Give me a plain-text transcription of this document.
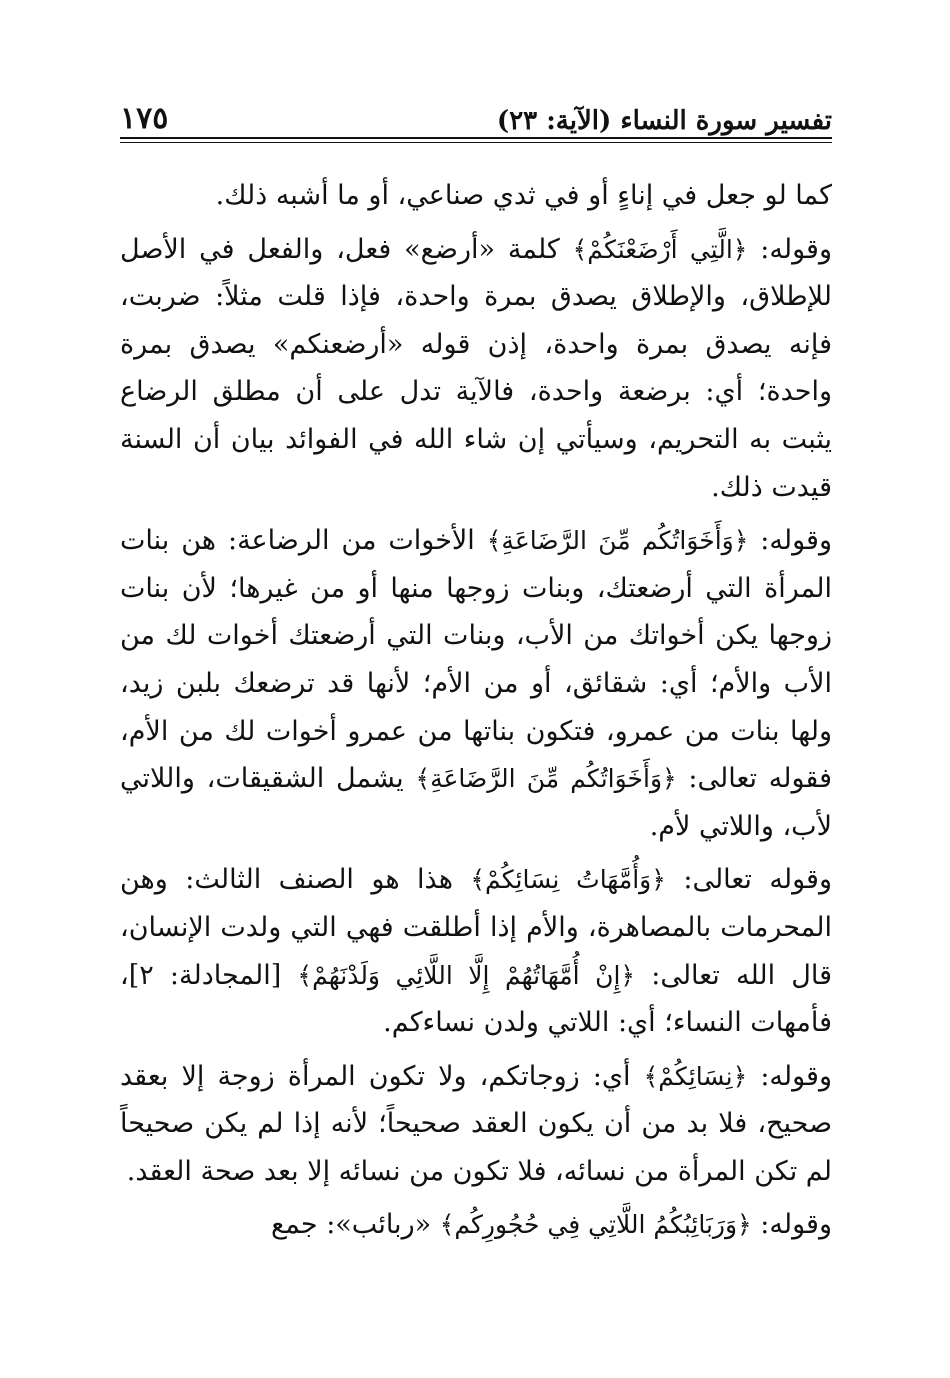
تفسير سورة النساء (الآية: ٢٣)
١٧٥

كما لو جعل في إناءٍ أو في ثدي صناعي، أو ما أشبه ذلك.

وقوله: ﴿الَّتِي أَرْضَعْنَكُمْ﴾ كلمة «أرضع» فعل، والفعل في الأصل للإطلاق، والإطلاق يصدق بمرة واحدة، فإذا قلت مثلاً: ضربت، فإنه يصدق بمرة واحدة، إذن قوله «أرضعنكم» يصدق بمرة واحدة؛ أي: برضعة واحدة، فالآية تدل على أن مطلق الرضاع يثبت به التحريم، وسيأتي إن شاء الله في الفوائد بيان أن السنة قيدت ذلك.

وقوله: ﴿وَأَخَوَاتُكُم مِّنَ الرَّضَاعَةِ﴾ الأخوات من الرضاعة: هن بنات المرأة التي أرضعتك، وبنات زوجها منها أو من غيرها؛ لأن بنات زوجها يكن أخواتك من الأب، وبنات التي أرضعتك أخوات لك من الأب والأم؛ أي: شقائق، أو من الأم؛ لأنها قد ترضعك بلبن زيد، ولها بنات من عمرو، فتكون بناتها من عمرو أخوات لك من الأم، فقوله تعالى: ﴿وَأَخَوَاتُكُم مِّنَ الرَّضَاعَةِ﴾ يشمل الشقيقات، واللاتي لأب، واللاتي لأم.

وقوله تعالى: ﴿وَأُمَّهَاتُ نِسَائِكُمْ﴾ هذا هو الصنف الثالث: وهن المحرمات بالمصاهرة، والأم إذا أطلقت فهي التي ولدت الإنسان، قال الله تعالى: ﴿إِنْ أُمَّهَاتُهُمْ إِلَّا اللَّائِي وَلَدْنَهُمْ﴾ [المجادلة: ٢]، فأمهات النساء؛ أي: اللاتي ولدن نساءكم.

وقوله: ﴿نِسَائِكُمْ﴾ أي: زوجاتكم، ولا تكون المرأة زوجة إلا بعقد صحيح، فلا بد من أن يكون العقد صحيحاً؛ لأنه إذا لم يكن صحيحاً لم تكن المرأة من نسائه، فلا تكون من نسائه إلا بعد صحة العقد.

وقوله: ﴿وَرَبَائِبُكُمُ اللَّاتِي فِي حُجُورِكُم﴾ «ربائب»: جمع
